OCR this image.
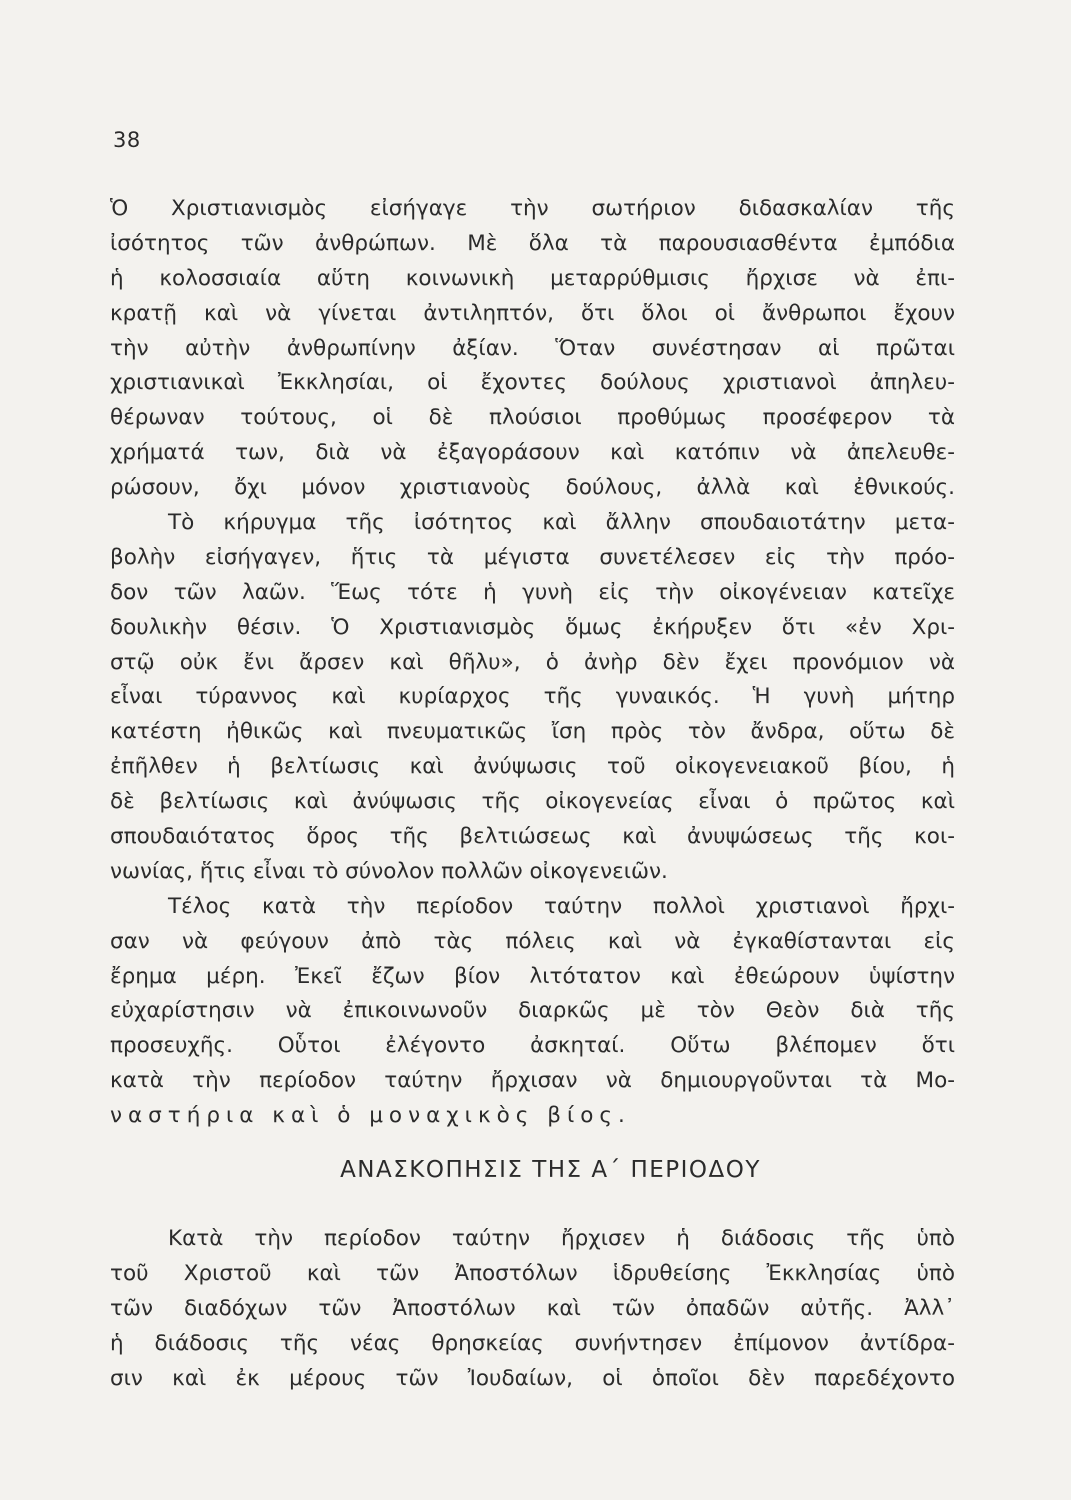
38
Ὁ Χριστιανισμὸς εἰσήγαγε τὴν σωτήριον διδασκαλίαν τῆς
ἰσότητος τῶν ἀνθρώπων. Μὲ ὅλα τὰ παρουσιασθέντα ἐμπόδια
ἡ κολοσσιαία αὕτη κοινωνικὴ μεταρρύθμισις ἤρχισε νὰ ἐπι-
κρατῇ καὶ νὰ γίνεται ἀντιληπτόν, ὅτι ὅλοι οἱ ἄνθρωποι ἔχουν
τὴν αὐτὴν ἀνθρωπίνην ἀξίαν. Ὅταν συνέστησαν αἱ πρῶται
χριστιανικαὶ Ἐκκλησίαι, οἱ ἔχοντες δούλους χριστιανοὶ ἀπηλευ-
θέρωναν τούτους, οἱ δὲ πλούσιοι προθύμως προσέφερον τὰ
χρήματά των, διὰ νὰ ἐξαγοράσουν καὶ κατόπιν νὰ ἀπελευθε-
ρώσουν, ὄχι μόνον χριστιανοὺς δούλους, ἀλλὰ καὶ ἐθνικούς.
Τὸ κήρυγμα τῆς ἰσότητος καὶ ἄλλην σπουδαιοτάτην μετα-
βολὴν εἰσήγαγεν, ἥτις τὰ μέγιστα συνετέλεσεν εἰς τὴν πρόο-
δον τῶν λαῶν. Ἕως τότε ἡ γυνὴ εἰς τὴν οἰκογένειαν κατεῖχε
δουλικὴν θέσιν. Ὁ Χριστιανισμὸς ὅμως ἐκήρυξεν ὅτι «ἐν Χρι-
στῷ οὐκ ἔνι ἄρσεν καὶ θῆλυ», ὁ ἀνὴρ δὲν ἔχει προνόμιον νὰ
εἶναι τύραννος καὶ κυρίαρχος τῆς γυναικός. Ἡ γυνὴ μήτηρ
κατέστη ἠθικῶς καὶ πνευματικῶς ἴση πρὸς τὸν ἄνδρα, οὕτω δὲ
ἐπῆλθεν ἡ βελτίωσις καὶ ἀνύψωσις τοῦ οἰκογενειακοῦ βίου, ἡ
δὲ βελτίωσις καὶ ἀνύψωσις τῆς οἰκογενείας εἶναι ὁ πρῶτος καὶ
σπουδαιότατος ὅρος τῆς βελτιώσεως καὶ ἀνυψώσεως τῆς κοι-
νωνίας, ἥτις εἶναι τὸ σύνολον πολλῶν οἰκογενειῶν.
Τέλος κατὰ τὴν περίοδον ταύτην πολλοὶ χριστιανοὶ ἤρχι-
σαν νὰ φεύγουν ἀπὸ τὰς πόλεις καὶ νὰ ἐγκαθίστανται εἰς
ἔρημα μέρη. Ἐκεῖ ἔζων βίον λιτότατον καὶ ἐθεώρουν ὑψίστην
εὐχαρίστησιν νὰ ἐπικοινωνοῦν διαρκῶς μὲ τὸν Θεὸν διὰ τῆς
προσευχῆς. Οὗτοι ἐλέγοντο ἀσκηταί. Οὕτω βλέπομεν ὅτι
κατὰ τὴν περίοδον ταύτην ἤρχισαν νὰ δημιουργοῦνται τὰ Μο-
ναστήρια καὶ ὁ μοναχικὸς βίος.
ΑΝΑΣΚΟΠΗΣΙΣ ΤΗΣ Α΄ ΠΕΡΙΟΔΟΥ
Κατὰ τὴν περίοδον ταύτην ἤρχισεν ἡ διάδοσις τῆς ὑπὸ
τοῦ Χριστοῦ καὶ τῶν Ἀποστόλων ἱδρυθείσης Ἐκκλησίας ὑπὸ
τῶν διαδόχων τῶν Ἀποστόλων καὶ τῶν ὀπαδῶν αὐτῆς. Ἀλλ᾽
ἡ διάδοσις τῆς νέας θρησκείας συνήντησεν ἐπίμονον ἀντίδρα-
σιν καὶ ἐκ μέρους τῶν Ἰουδαίων, οἱ ὁποῖοι δὲν παρεδέχοντο
